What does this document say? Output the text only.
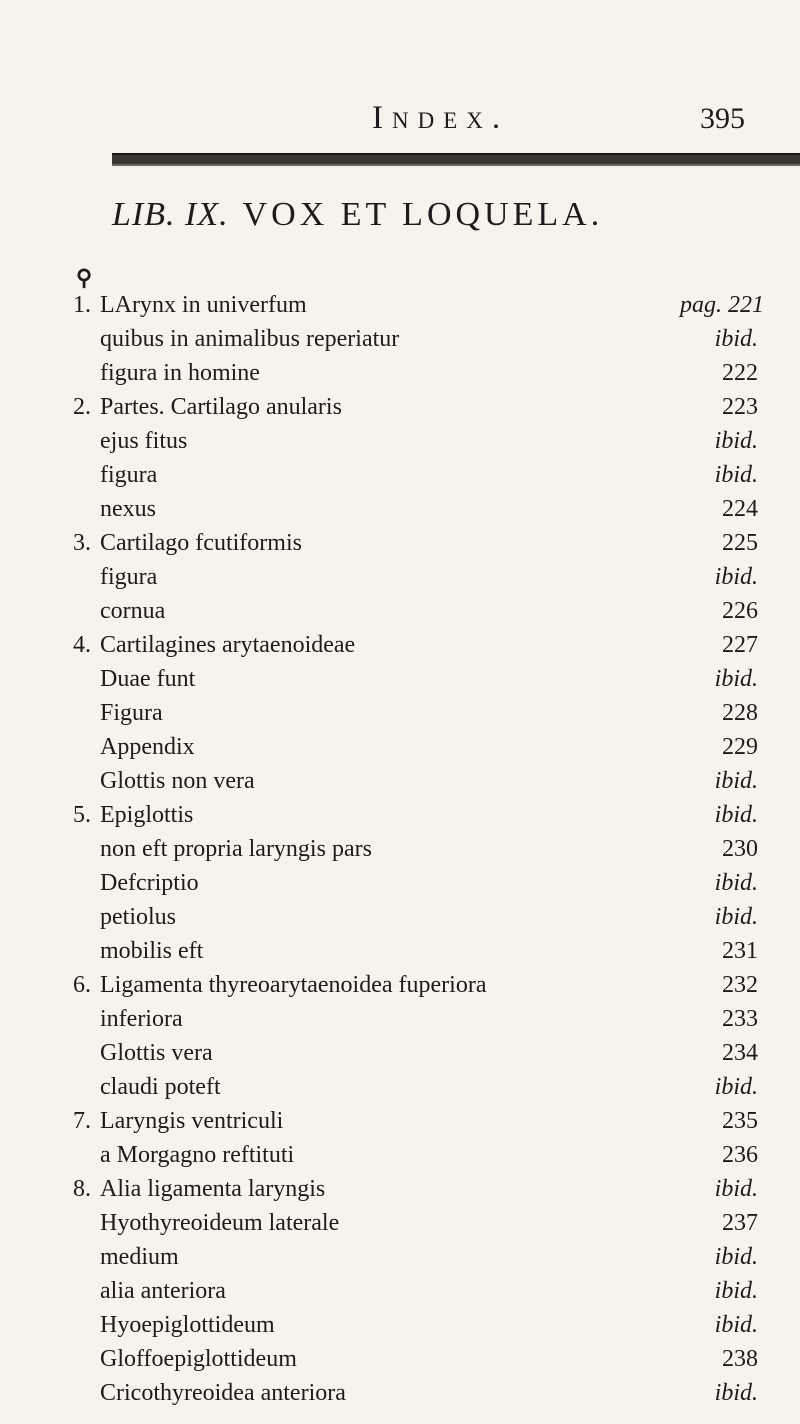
Index.	395
LIB. IX. VOX ET LOQUELA.
⚲
1. LArynx in univerfum	pag. 221
quibus in animalibus reperiatur	ibid.
figura in homine	222
2. Partes. Cartilago anularis	223
ejus fitus	ibid.
figura	ibid.
nexus	224
3. Cartilago fcutiformis	225
figura	ibid.
cornua	226
4. Cartilagines arytaenoideae	227
Duae funt	ibid.
Figura	228
Appendix	229
Glottis non vera	ibid.
5. Epiglottis	ibid.
non eft propria laryngis pars	230
Defcriptio	ibid.
petiolus	ibid.
mobilis eft	231
6. Ligamenta thyreoarytaenoidea fuperiora	232
inferiora	233
Glottis vera	234
claudi poteft	ibid.
7. Laryngis ventriculi	235
a Morgagno reftituti	236
8. Alia ligamenta laryngis	ibid.
Hyothyreoideum laterale	237
medium	ibid.
alia anteriora	ibid.
Hyoepiglottideum	ibid.
Gloffoepiglottideum	238
Cricothyreoidea anteriora	ibid.
